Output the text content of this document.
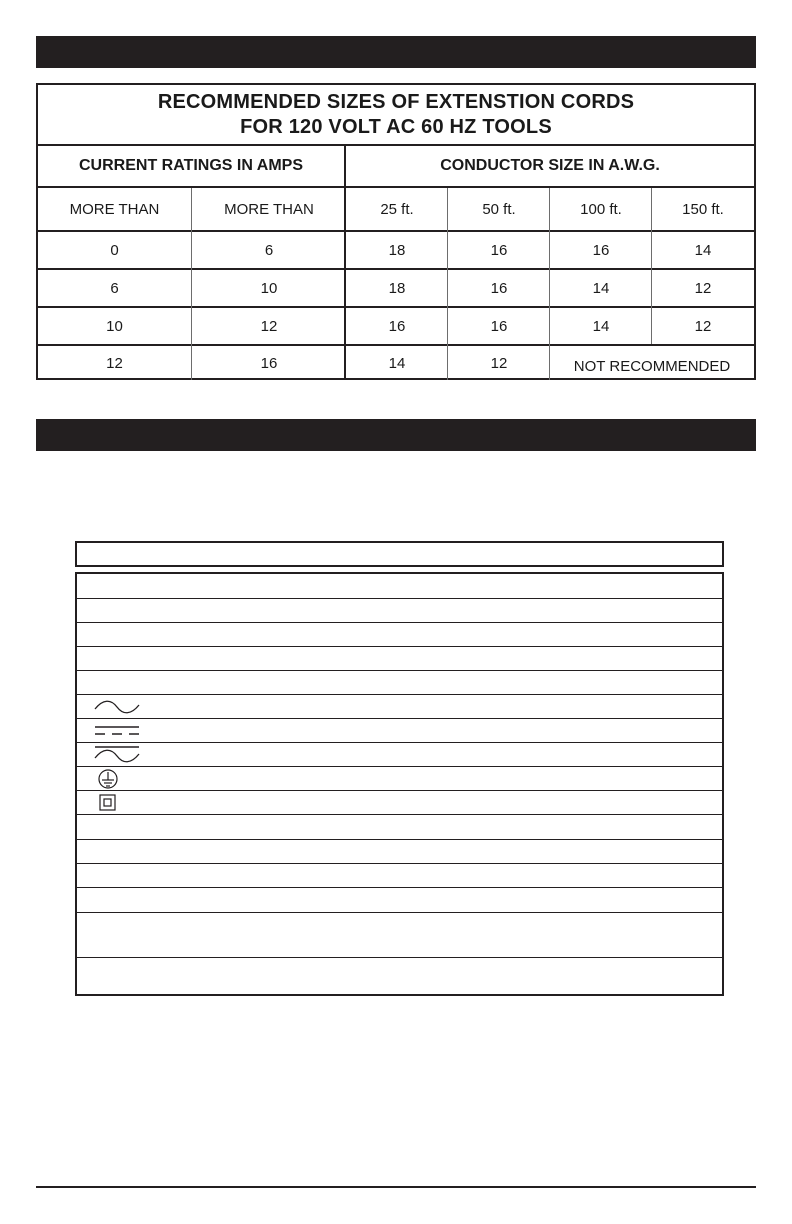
RECOMMENDED SIZES OF EXTENSTION CORDS
FOR 120 VOLT AC 60 HZ TOOLS
CURRENT RATINGS IN AMPS	CONDUCTOR SIZE IN A.W.G.
MORE THAN	MORE THAN	25 ft.	50 ft.	100 ft.	150 ft.
0	6	18	16	16	14
6	10	18	16	14	12
10	12	16	16	14	12
12	16	14	12	NOT RECOMMENDED
